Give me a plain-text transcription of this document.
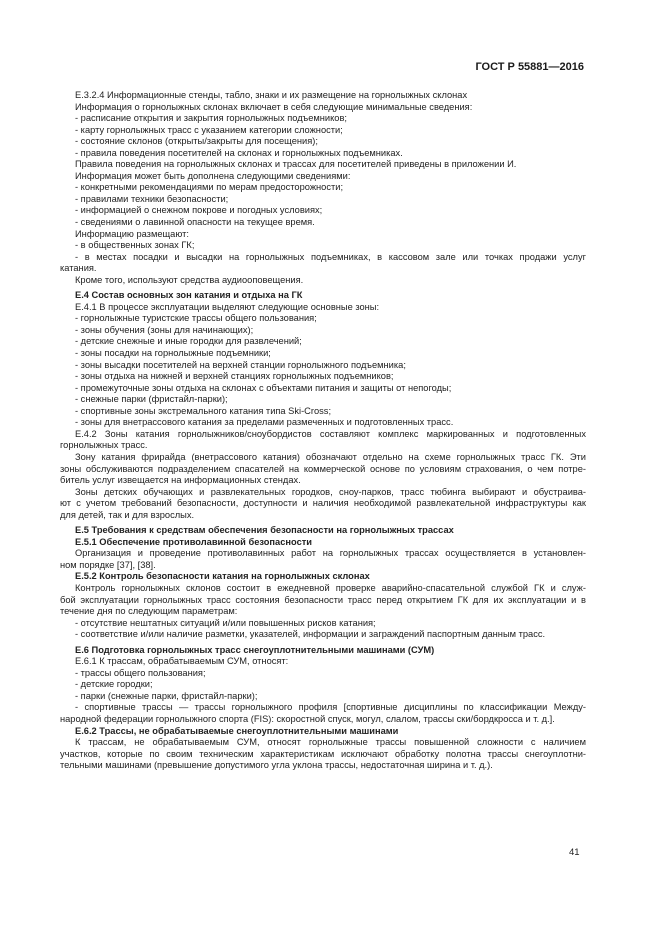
ГОСТ Р 55881—2016

Е.3.2.4 Информационные стенды, табло, знаки и их размещение на горнолыжных склонах

Информация о горнолыжных склонах включает в себя следующие минимальные сведения:

- расписание открытия и закрытия горнолыжных подъемников;

- карту горнолыжных трасс с указанием категории сложности;

- состояние склонов (открыты/закрыты для посещения);

- правила поведения посетителей на склонах и горнолыжных подъемниках.

Правила поведения на горнолыжных склонах и трассах для посетителей приведены в приложении И.

Информация может быть дополнена следующими сведениями:

- конкретными рекомендациями по мерам предосторожности;

- правилами техники безопасности;

- информацией о снежном покрове и погодных условиях;

- сведениями о лавинной опасности на текущее время.

Информацию размещают:

- в общественных зонах ГК;

- в местах посадки и высадки на горнолыжных подъемниках, в кассовом зале или точках продажи услуг

катания.

Кроме того, используют средства аудиооповещения.

Е.4 Состав основных зон катания и отдыха на ГК

Е.4.1 В процессе эксплуатации выделяют следующие основные зоны:

- горнолыжные туристские трассы общего пользования;

- зоны обучения (зоны для начинающих);

- детские снежные и иные городки для развлечений;

- зоны посадки на горнолыжные подъемники;

- зоны высадки посетителей на верхней станции горнолыжного подъемника;

- зоны отдыха на нижней и верхней станциях горнолыжных подъемников;

- промежуточные зоны отдыха на склонах с объектами питания и защиты от непогоды;

- снежные парки (фристайл-парки);

- спортивные зоны экстремального катания типа Ski-Cross;

- зоны для внетрассового катания за пределами размеченных и подготовленных трасс.

Е.4.2 Зоны катания горнолыжников/сноубордистов составляют комплекс маркированных и подготовленных

горнолыжных трасс.

Зону катания фрирайда (внетрассового катания) обозначают отдельно на схеме горнолыжных трасс ГК. Эти

зоны обслуживаются подразделением спасателей на коммерческой основе по условиям страхования, о чем потре-

битель услуг извещается на информационных стендах.

Зоны детских обучающих и развлекательных городков, сноу-парков, трасс тюбинга выбирают и обустраива-

ют с учетом требований безопасности, доступности и наличия необходимой развлекательной инфраструктуры как

для детей, так и для взрослых.

Е.5 Требования к средствам обеспечения безопасности на горнолыжных трассах

Е.5.1 Обеспечение противолавинной безопасности

Организация и проведение противолавинных работ на горнолыжных трассах осуществляется в установлен-

ном порядке [37], [38].

Е.5.2 Контроль безопасности катания на горнолыжных склонах

Контроль горнолыжных склонов состоит в ежедневной проверке аварийно-спасательной службой ГК и служ-

бой эксплуатации горнолыжных трасс состояния безопасности трасс перед открытием ГК для их эксплуатации и в

течение дня по следующим параметрам:

- отсутствие нештатных ситуаций и/или повышенных рисков катания;

- соответствие и/или наличие разметки, указателей, информации и заграждений паспортным данным трасс.

Е.6 Подготовка горнолыжных трасс снегоуплотнительными машинами (СУМ)

Е.6.1 К трассам, обрабатываемым СУМ, относят:

- трассы общего пользования;

- детские городки;

- парки (снежные парки, фристайл-парки);

- спортивные трассы — трассы горнолыжного профиля [спортивные дисциплины по классификации Между-

народной федерации горнолыжного спорта (FIS): скоростной спуск, могул, слалом, трассы ски/бордкросса и т. д.].

Е.6.2 Трассы, не обрабатываемые снегоуплотнительными машинами

К трассам, не обрабатываемым СУМ, относят горнолыжные трассы повышенной сложности с наличием

участков, которые по своим техническим характеристикам исключают обработку полотна трассы снегоуплотни-

тельными машинами (превышение допустимого угла уклона трассы, недостаточная ширина и т. д.).

41
